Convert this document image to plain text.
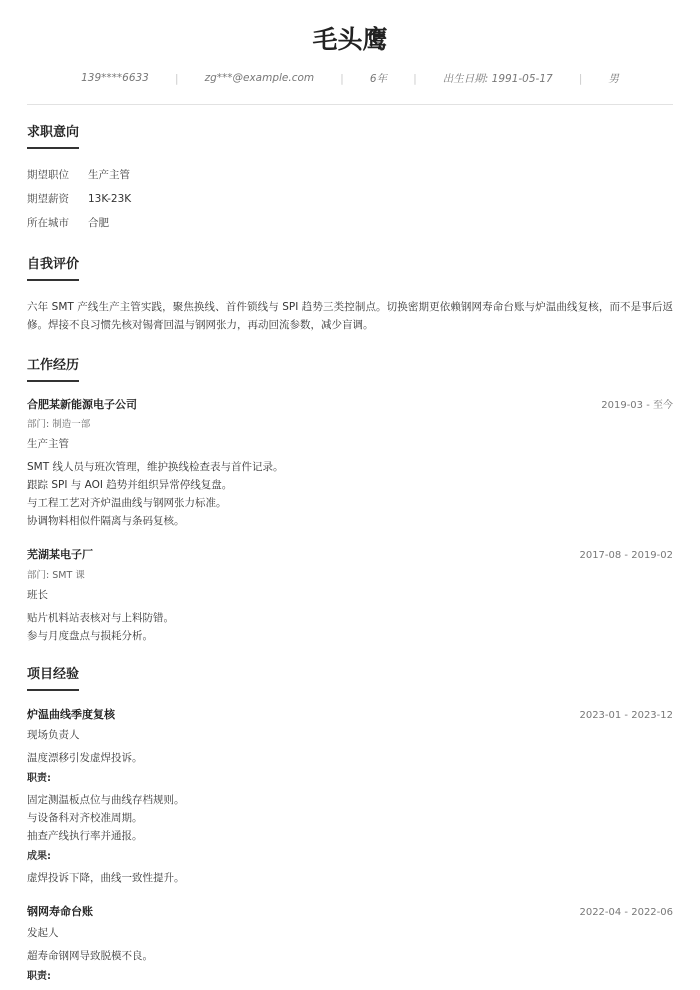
毛头鹰
139****6633	|	zg***@example.com	|	6年	|	出生日期: 1991-05-17	|	男
求职意向
期望职位 生产主管
期望薪资 13K-23K
所在城市 合肥
自我评价
六年 SMT 产线生产主管实践，聚焦换线、首件锁线与 SPI 趋势三类控制点。切换密期更依赖钢网寿命台账与炉温曲线复核，而不是事后返修。焊接不良习惯先核对锡膏回温与钢网张力，再动回流参数，减少盲调。
工作经历
合肥某新能源电子公司	2019-03 - 至今
部门: 制造一部
生产主管
SMT 线人员与班次管理，维护换线检查表与首件记录。
跟踪 SPI 与 AOI 趋势并组织异常停线复盘。
与工程工艺对齐炉温曲线与钢网张力标准。
协调物料相似件隔离与条码复核。
芜湖某电子厂	2017-08 - 2019-02
部门: SMT 课
班长
贴片机料站表核对与上料防错。
参与月度盘点与损耗分析。
项目经验
炉温曲线季度复核	2023-01 - 2023-12
现场负责人
温度漂移引发虚焊投诉。
职责:
固定测温板点位与曲线存档规则。
与设备科对齐校准周期。
抽查产线执行率并通报。
成果:
虚焊投诉下降，曲线一致性提升。
钢网寿命台账	2022-04 - 2022-06
发起人
超寿命钢网导致脱模不良。
职责:
